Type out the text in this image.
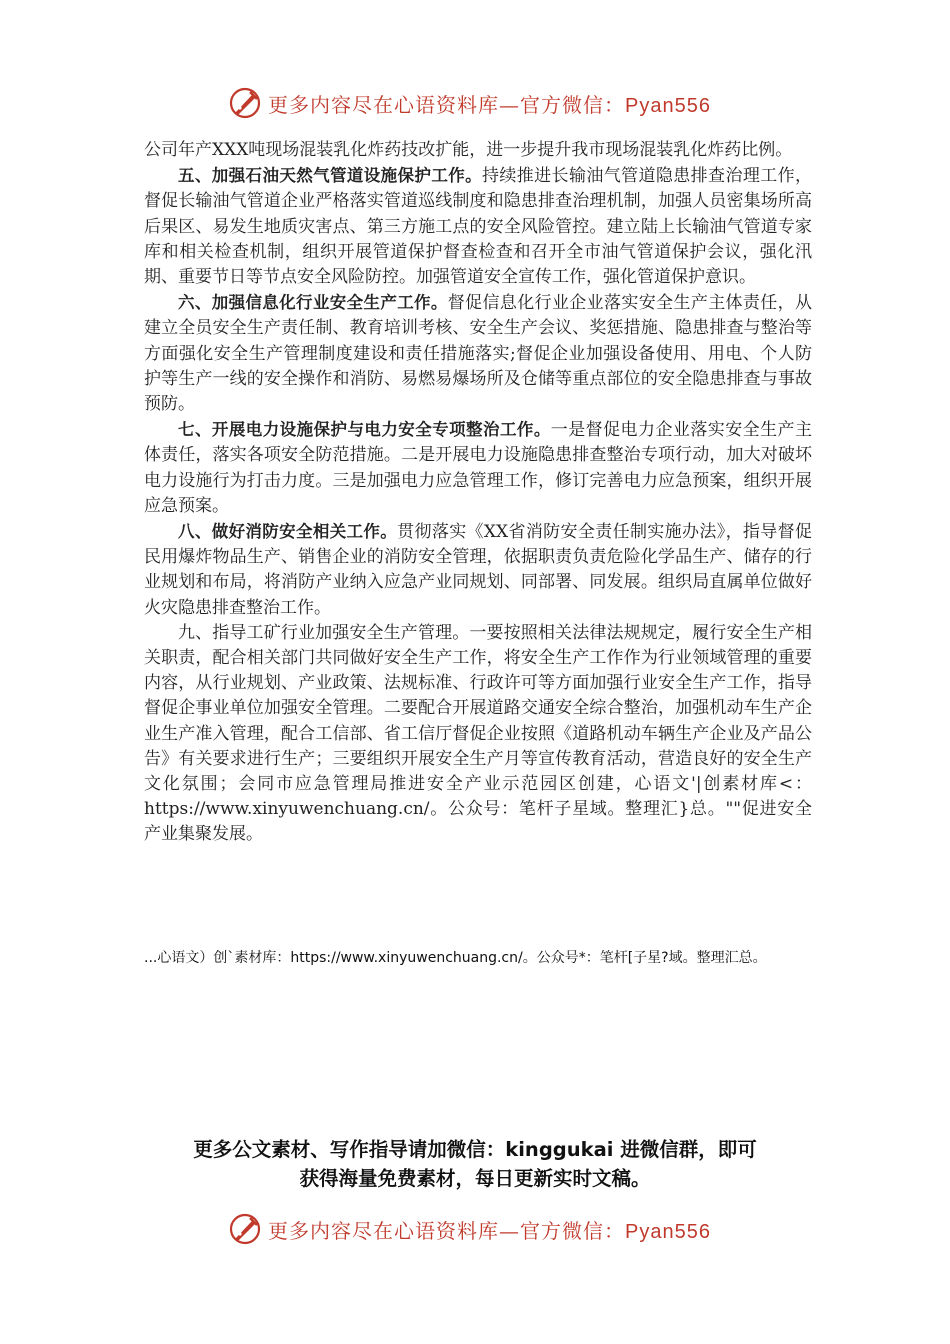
更多内容尽在心语资料库—官方微信：Pyan556

公司年产XXX吨现场混装乳化炸药技改扩能，进一步提升我市现场混装乳化炸药比例。

五、加强石油天然气管道设施保护工作。持续推进长输油气管道隐患排查治理工作，督促长输油气管道企业严格落实管道巡线制度和隐患排查治理机制，加强人员密集场所高后果区、易发生地质灾害点、第三方施工点的安全风险管控。建立陆上长输油气管道专家库和相关检查机制，组织开展管道保护督查检查和召开全市油气管道保护会议，强化汛期、重要节日等节点安全风险防控。加强管道安全宣传工作，强化管道保护意识。

六、加强信息化行业安全生产工作。督促信息化行业企业落实安全生产主体责任，从建立全员安全生产责任制、教育培训考核、安全生产会议、奖惩措施、隐患排查与整治等方面强化安全生产管理制度建设和责任措施落实;督促企业加强设备使用、用电、个人防护等生产一线的安全操作和消防、易燃易爆场所及仓储等重点部位的安全隐患排查与事故预防。

七、开展电力设施保护与电力安全专项整治工作。一是督促电力企业落实安全生产主体责任，落实各项安全防范措施。二是开展电力设施隐患排查整治专项行动，加大对破坏电力设施行为打击力度。三是加强电力应急管理工作，修订完善电力应急预案，组织开展应急预案。

八、做好消防安全相关工作。贯彻落实《XX省消防安全责任制实施办法》，指导督促民用爆炸物品生产、销售企业的消防安全管理，依据职责负责危险化学品生产、储存的行业规划和布局，将消防产业纳入应急产业同规划、同部署、同发展。组织局直属单位做好火灾隐患排查整治工作。

九、指导工矿行业加强安全生产管理。一要按照相关法律法规规定，履行安全生产相关职责，配合相关部门共同做好安全生产工作，将安全生产工作作为行业领域管理的重要内容，从行业规划、产业政策、法规标准、行政许可等方面加强行业安全生产工作，指导督促企事业单位加强安全管理。二要配合开展道路交通安全综合整治，加强机动车生产企业生产准入管理，配合工信部、省工信厅督促企业按照《道路机动车辆生产企业及产品公告》有关要求进行生产；三要组织开展安全生产月等宣传教育活动，营造良好的安全生产文化氛围；会同市应急管理局推进安全产业示范园区创建，心语文'|创素材库<：https://www.xinyuwenchuang.cn/。公众号：笔杆子星域。整理汇}总。""促进安全产业集聚发展。

...心语文）创`素材库：https://www.xinyuwenchuang.cn/。公众号*：笔杆[子星?域。整理汇总。
更多公文素材、写作指导请加微信：kinggukai 进微信群，即可
获得海量免费素材，每日更新实时文稿。
更多内容尽在心语资料库—官方微信：Pyan556
